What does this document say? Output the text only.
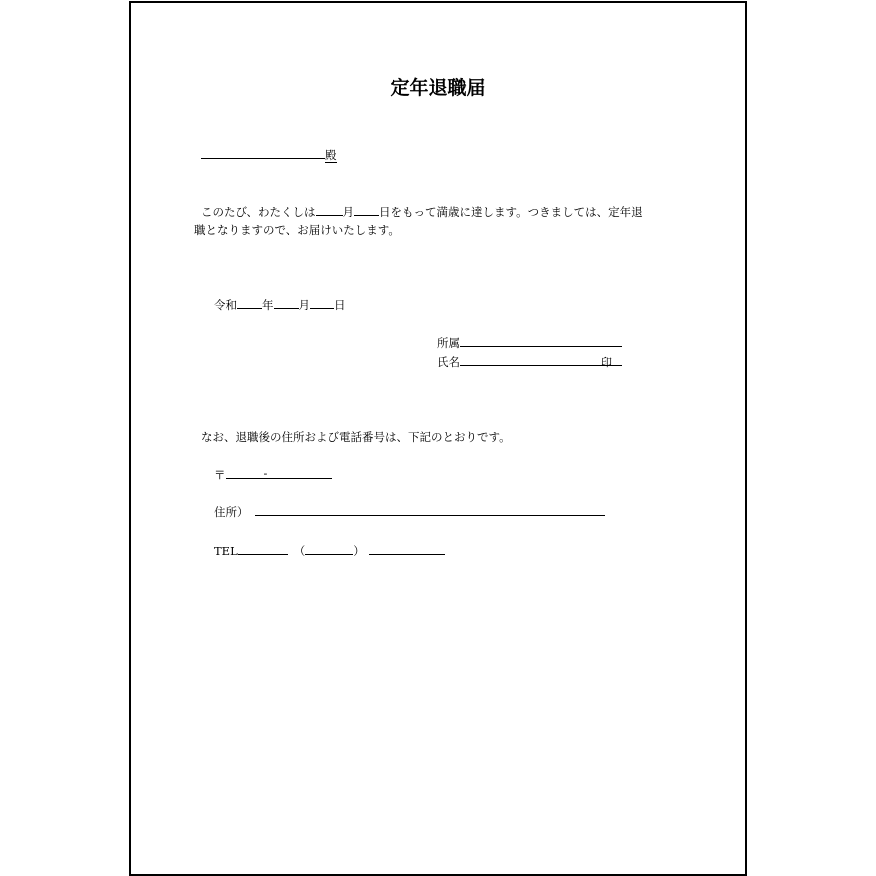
定年退職届
殿
このたび、わたくしは 月 日をもって満歳に達します。つきましては、定年退
職となりますので、お届けいたします。
令和 年 月 日
所属
氏名	印
なお、退職後の住所および電話番号は、下記のとおりです。
〒	-
住所）
TEL	（	）
